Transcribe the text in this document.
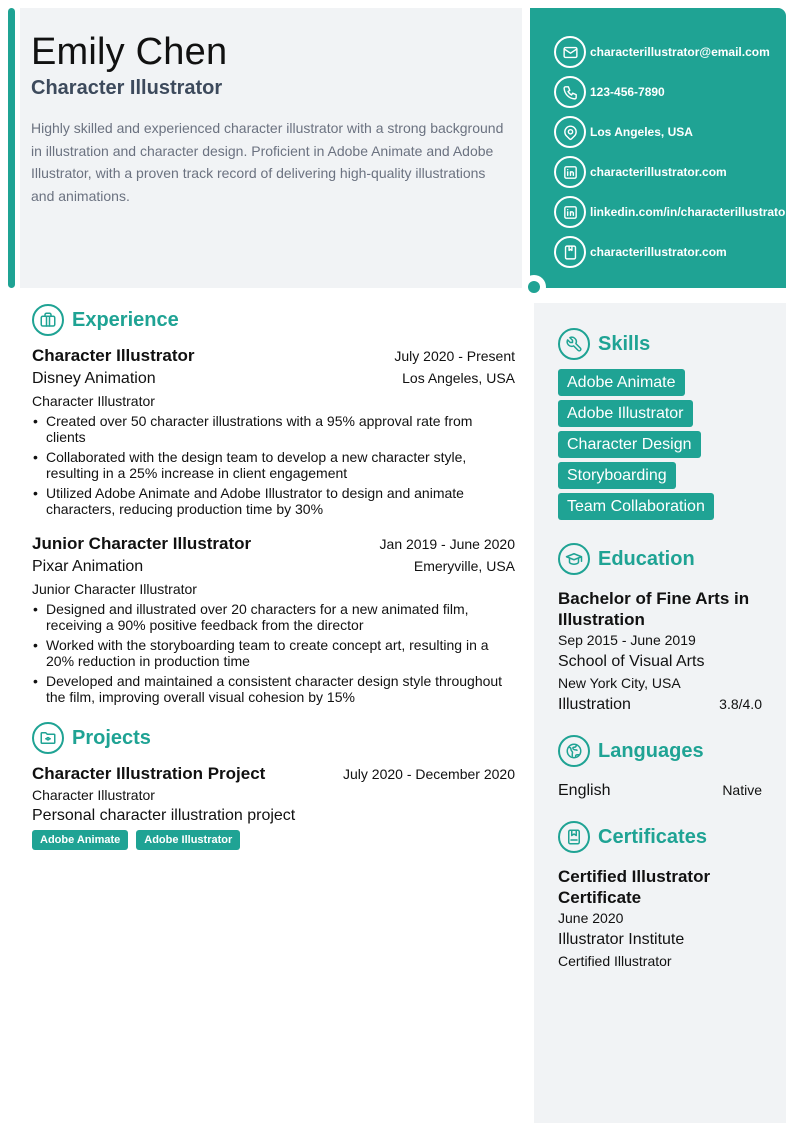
Emily Chen
Character Illustrator

Highly skilled and experienced character illustrator with a strong background in illustration and character design. Proficient in Adobe Animate and Adobe Illustrator, with a proven track record of delivering high-quality illustrations and animations.

characterillustrator@email.com
123-456-7890
Los Angeles, USA
characterillustrator.com
linkedin.com/in/characterillustrator
characterillustrator.com
Experience
Character Illustrator	July 2020 - Present
Disney Animation	Los Angeles, USA
Character Illustrator
• Created over 50 character illustrations with a 95% approval rate from clients
• Collaborated with the design team to develop a new character style, resulting in a 25% increase in client engagement
• Utilized Adobe Animate and Adobe Illustrator to design and animate characters, reducing production time by 30%
Junior Character Illustrator	Jan 2019 - June 2020
Pixar Animation	Emeryville, USA
Junior Character Illustrator
• Designed and illustrated over 20 characters for a new animated film, receiving a 90% positive feedback from the director
• Worked with the storyboarding team to create concept art, resulting in a 20% reduction in production time
• Developed and maintained a consistent character design style throughout the film, improving overall visual cohesion by 15%
Projects
Character Illustration Project	July 2020 - December 2020
Character Illustrator
Personal character illustration project
Adobe Animate	Adobe Illustrator
Skills
Adobe Animate
Adobe Illustrator
Character Design
Storyboarding
Team Collaboration
Education
Bachelor of Fine Arts in Illustration
Sep 2015 - June 2019
School of Visual Arts
New York City, USA
Illustration	3.8/4.0
Languages
English	Native
Certificates
Certified Illustrator Certificate
June 2020
Illustrator Institute
Certified Illustrator
